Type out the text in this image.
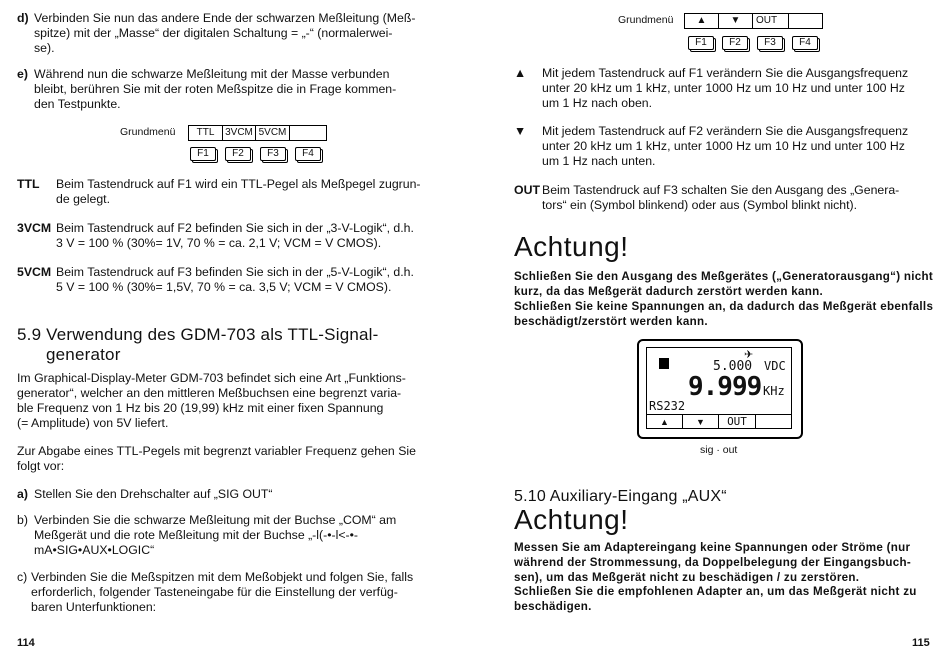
d) Verbinden Sie nun das andere Ende der schwarzen Meßleitung (Meß-
spitze) mit der „Masse“ der digitalen Schaltung = „-“ (normalerwei-
se).
e) Während nun die schwarze Meßleitung mit der Masse verbunden
bleibt, berühren Sie mit der roten Meßspitze die in Frage kommen-
den Testpunkte.
Grundmenü	TTL	3VCM 5VCM
F1	F2	F3	F4
TTL Beim Tastendruck auf F1 wird ein TTL-Pegel als Meßpegel zugrun-
de gelegt.
3VCM Beim Tastendruck auf F2 befinden Sie sich in der „3-V-Logik“, d.h.
3 V = 100 % (30%= 1V, 70 % = ca. 2,1 V; VCM = V CMOS).
5VCM Beim Tastendruck auf F3 befinden Sie sich in der „5-V-Logik“, d.h.
5 V = 100 % (30%= 1,5V, 70 % = ca. 3,5 V; VCM = V CMOS).
5.9 Verwendung des GDM-703 als TTL-Signal-
generator
Im Graphical-Display-Meter GDM-703 befindet sich eine Art „Funktions-
generator“, welcher an den mittleren Meßbuchsen eine begrenzt varia-
ble Frequenz von 1 Hz bis 20 (19,99) kHz mit einer fixen Spannung
(= Amplitude) von 5V liefert.
Zur Abgabe eines TTL-Pegels mit begrenzt variabler Frequenz gehen Sie
folgt vor:
a) Stellen Sie den Drehschalter auf „SIG OUT“
b) Verbinden Sie die schwarze Meßleitung mit der Buchse „COM“ am
Meßgerät und die rote Meßleitung mit der Buchse „-l(-•-l<-•-
mA•SIG•AUX•LOGIC“
c) Verbinden Sie die Meßspitzen mit dem Meßobjekt und folgen Sie, falls
erforderlich, folgender Tasteneingabe für die Einstellung der verfüg-
baren Unterfunktionen:
114
Grundmenü	▲	▼	OUT
F1	F2	F3	F4
▲ Mit jedem Tastendruck auf F1 verändern Sie die Ausgangsfrequenz
unter 20 kHz um 1 kHz, unter 1000 Hz um 10 Hz und unter 100 Hz
um 1 Hz nach oben.
▼ Mit jedem Tastendruck auf F2 verändern Sie die Ausgangsfrequenz
unter 20 kHz um 1 kHz, unter 1000 Hz um 10 Hz und unter 100 Hz
um 1 Hz nach unten.
OUT Beim Tastendruck auf F3 schalten Sie den Ausgang des „Genera-
tors“ ein (Symbol blinkend) oder aus (Symbol blinkt nicht).
Achtung!
Schließen Sie den Ausgang des Meßgerätes („Generatorausgang“) nicht
kurz, da das Meßgerät dadurch zerstört werden kann.
Schließen Sie keine Spannungen an, da dadurch das Meßgerät ebenfalls
beschädigt/zerstört werden kann.
✈
5.000 VDC
9.999 KHz
RS232
▲	▼	OUT
sig · out
5.10 Auxiliary-Eingang „AUX“
Achtung!
Messen Sie am Adaptereingang keine Spannungen oder Ströme (nur
während der Strommessung, da Doppelbelegung der Eingangsbuch-
sen), um das Meßgerät nicht zu beschädigen / zu zerstören.
Schließen Sie die empfohlenen Adapter an, um das Meßgerät nicht zu
beschädigen.
115
